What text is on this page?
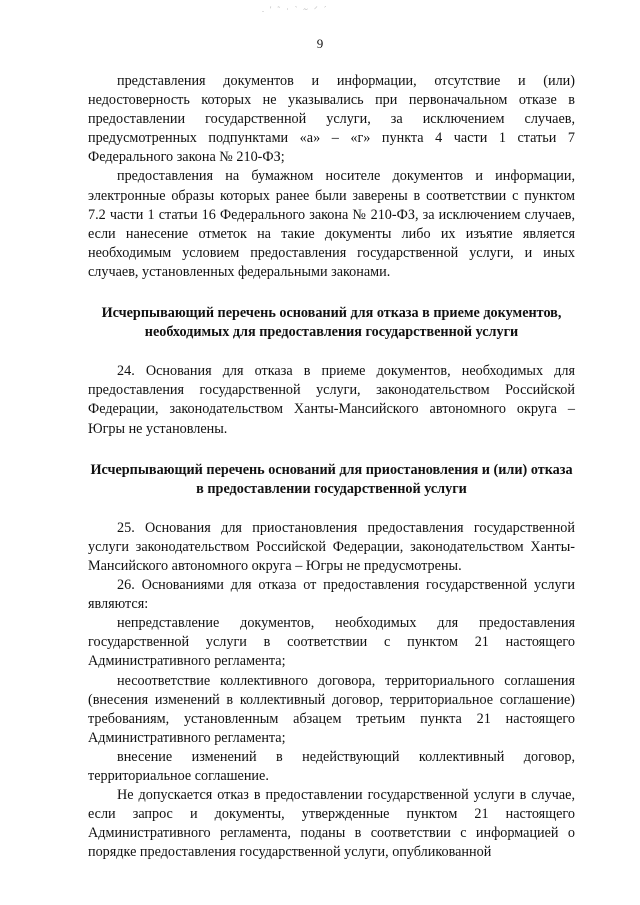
. ' ˜ · ` ~ ⸍ ´
9

представления документов и информации, отсутствие и (или) недостоверность которых не указывались при первоначальном отказе в предоставлении государственной услуги, за исключением случаев, предусмотренных подпунктами «а» – «г» пункта 4 части 1 статьи 7 Федерального закона № 210-ФЗ;

предоставления на бумажном носителе документов и информации, электронные образы которых ранее были заверены в соответствии с пунктом 7.2 части 1 статьи 16 Федерального закона № 210-ФЗ, за исключением случаев, если нанесение отметок на такие документы либо их изъятие является необходимым условием предоставления государственной услуги, и иных случаев, установленных федеральными законами.

Исчерпывающий перечень оснований для отказа в приеме документов, необходимых для предоставления государственной услуги

24. Основания для отказа в приеме документов, необходимых для предоставления государственной услуги, законодательством Российской Федерации, законодательством Ханты-Мансийского автономного округа – Югры не установлены.

Исчерпывающий перечень оснований для приостановления и (или) отказа в предоставлении государственной услуги

25. Основания для приостановления предоставления государственной услуги законодательством Российской Федерации, законодательством Ханты-Мансийского автономного округа – Югры не предусмотрены.

26. Основаниями для отказа от предоставления государственной услуги являются:

непредставление документов, необходимых для предоставления государственной услуги в соответствии с пунктом 21 настоящего Административного регламента;

несоответствие коллективного договора, территориального соглашения (внесения изменений в коллективный договор, территориальное соглашение) требованиям, установленным абзацем третьим пункта 21 настоящего Административного регламента;

внесение изменений в недействующий коллективный договор, территориальное соглашение.

Не допускается отказ в предоставлении государственной услуги в случае, если запрос и документы, утвержденные пунктом 21 настоящего Административного регламента, поданы в соответствии с информацией о порядке предоставления государственной услуги, опубликованной
